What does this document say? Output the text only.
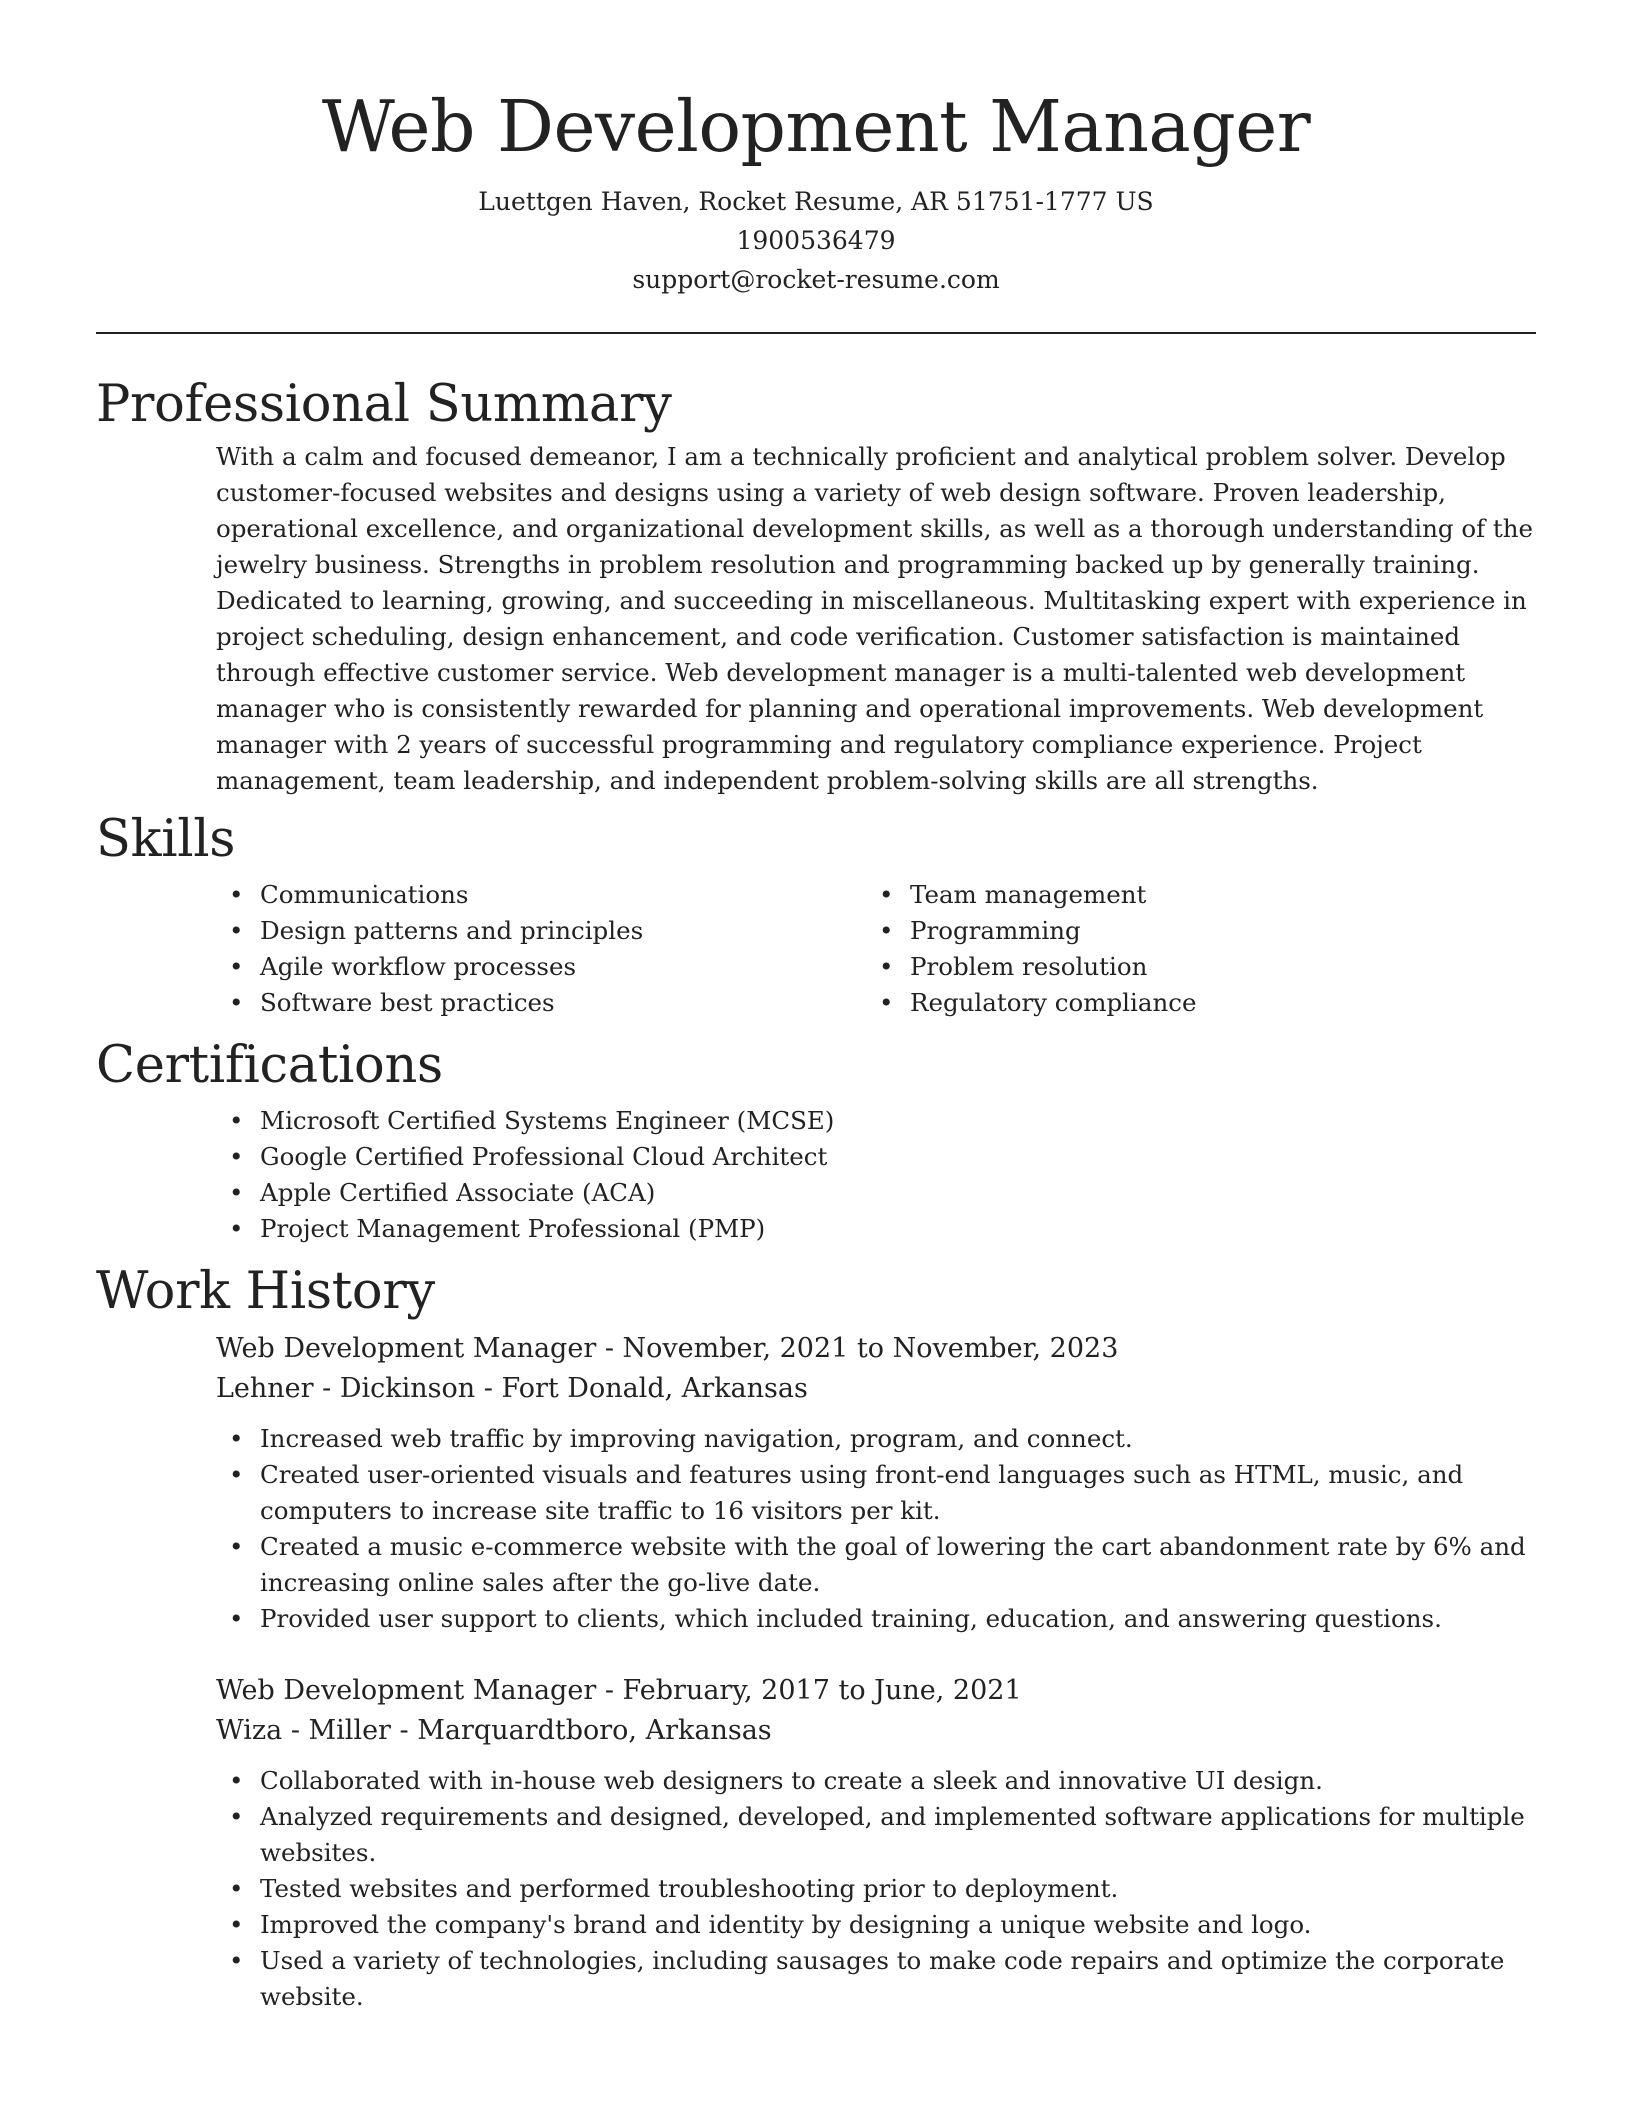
Web Development Manager
Luettgen Haven, Rocket Resume, AR 51751-1777 US
1900536479
support@rocket-resume.com
Professional Summary

With a calm and focused demeanor, I am a technically proficient and analytical problem solver. Develop customer-focused websites and designs using a variety of web design software. Proven leadership, operational excellence, and organizational development skills, as well as a thorough understanding of the jewelry business. Strengths in problem resolution and programming backed up by generally training. Dedicated to learning, growing, and succeeding in miscellaneous. Multitasking expert with experience in project scheduling, design enhancement, and code verification. Customer satisfaction is maintained through effective customer service. Web development manager is a multi-talented web development manager who is consistently rewarded for planning and operational improvements. Web development manager with 2 years of successful programming and regulatory compliance experience. Project management, team leadership, and independent problem-solving skills are all strengths.

Skills
• Communications
• Design patterns and principles
• Agile workflow processes
• Software best practices
• Team management
• Programming
• Problem resolution
• Regulatory compliance
Certifications
• Microsoft Certified Systems Engineer (MCSE)
• Google Certified Professional Cloud Architect
• Apple Certified Associate (ACA)
• Project Management Professional (PMP)
Work History
Web Development Manager - November, 2021 to November, 2023
Lehner - Dickinson - Fort Donald, Arkansas
• Increased web traffic by improving navigation, program, and connect.
• Created user-oriented visuals and features using front-end languages such as HTML, music, and computers to increase site traffic to 16 visitors per kit.
• Created a music e-commerce website with the goal of lowering the cart abandonment rate by 6% and increasing online sales after the go-live date.
• Provided user support to clients, which included training, education, and answering questions.
Web Development Manager - February, 2017 to June, 2021
Wiza - Miller - Marquardtboro, Arkansas
• Collaborated with in-house web designers to create a sleek and innovative UI design.
• Analyzed requirements and designed, developed, and implemented software applications for multiple websites.
• Tested websites and performed troubleshooting prior to deployment.
• Improved the company's brand and identity by designing a unique website and logo.
• Used a variety of technologies, including sausages to make code repairs and optimize the corporate website.
